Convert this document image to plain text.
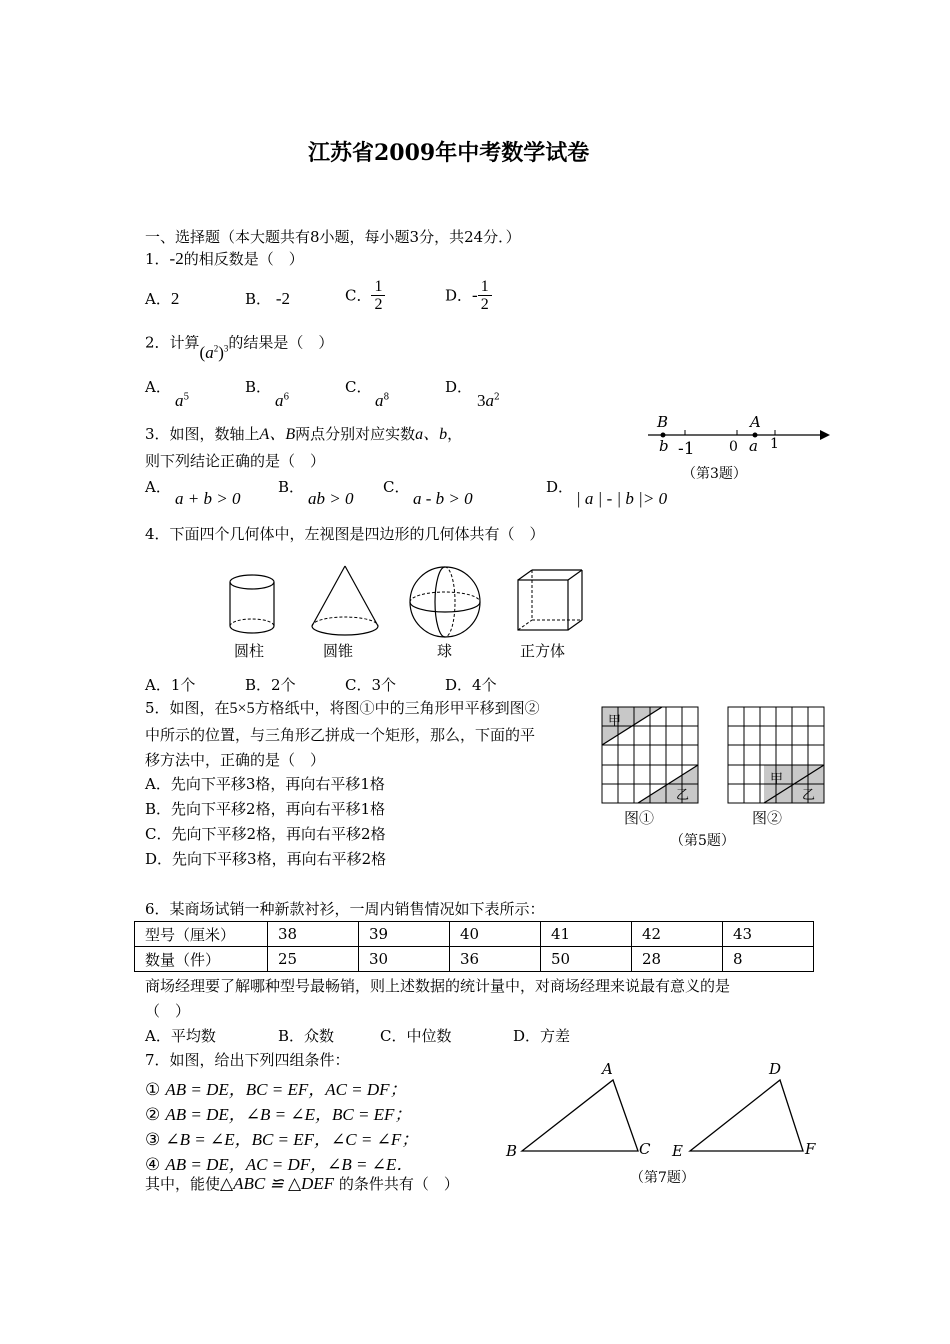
江苏省2009年中考数学试卷
一、选择题（本大题共有8小题，每小题3分，共24分．）
1．-2的相反数是（　）
A．2	B． -2	C． $\frac{1}{2}$	D．- $\frac{1}{2}$
2．计算$(a^2)^3$的结果是（　）
A．
$a^5$
B．
$a^6$
C．
$a^8$
D．
$3a^2$
3．如图，数轴上A、B两点分别对应实数a、b，
则下列结论正确的是（　）
B
b -1 0
A
a 1
（第3题）
A．
a + b > 0
B．
ab > 0
C．
a - b > 0
D．
| a | - | b |> 0
4．下面四个几何体中，左视图是四边形的几何体共有（　）
圆柱	圆锥	球	正方体
A．1个	B．2个	C．3个	D．4个
5．如图，在5×5方格纸中，将图①中的三角形甲平移到图②
中所示的位置，与三角形乙拼成一个矩形，那么，下面的平
移方法中，正确的是（　）
A．先向下平移3格，再向右平移1格
B．先向下平移2格，再向右平移1格
C．先向下平移2格，再向右平移2格
D．先向下平移3格，再向右平移2格
甲
乙
甲
乙
图①	图②
（第5题）
6．某商场试销一种新款衬衫，一周内销售情况如下表所示：
型号（厘米）	38	39	40	41	42	43
数量（件）	25	30	36	50	28	8
商场经理要了解哪种型号最畅销，则上述数据的统计量中，对商场经理来说最有意义的是
（　）
A．平均数	B．众数	C．中位数	D．方差
7．如图，给出下列四组条件：
① AB = DE，BC = EF，AC = DF；
② AB = DE，∠B = ∠E，BC = EF；
③ ∠B = ∠E，BC = EF，∠C = ∠F；
④ AB = DE，AC = DF，∠B = ∠E．
其中，能使△ABC ≌ △DEF 的条件共有（　）
A
B	C
D
E	F
（第7题）
